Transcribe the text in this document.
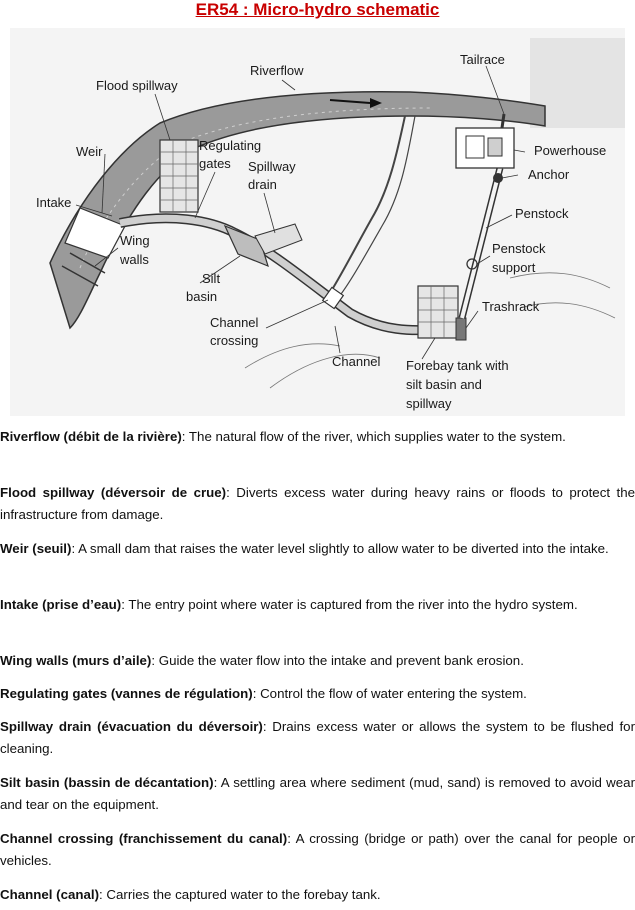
ER54 : Micro-hydro schematic
Riverflow
Tailrace
Flood spillway
Weir	Regulating
gates Spillway
drain
Powerhouse
Anchor
Intake
Penstock
Wing
walls
Penstock
support
Silt
basin
Trashrack
Channel
crossing
Channel Forebay tank with
silt basin and
spillway

Riverflow (débit de la rivière): The natural flow of the river, which supplies water to the system.

Flood spillway (déversoir de crue): Diverts excess water during heavy rains or floods to protect the infrastructure from damage.

Weir (seuil): A small dam that raises the water level slightly to allow water to be diverted into the intake.

Intake (prise d’eau): The entry point where water is captured from the river into the hydro system.

Wing walls (murs d’aile): Guide the water flow into the intake and prevent bank erosion.

Regulating gates (vannes de régulation): Control the flow of water entering the system.

Spillway drain (évacuation du déversoir): Drains excess water or allows the system to be flushed for cleaning.

Silt basin (bassin de décantation): A settling area where sediment (mud, sand) is removed to avoid wear and tear on the equipment.

Channel crossing (franchissement du canal): A crossing (bridge or path) over the canal for people or vehicles.

Channel (canal): Carries the captured water to the forebay tank.
